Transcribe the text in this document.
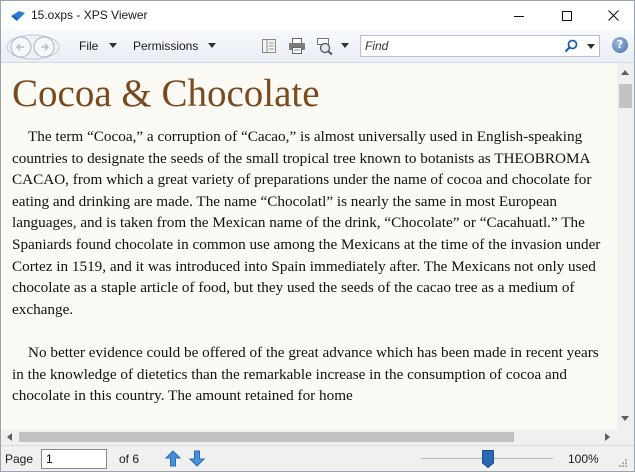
15.oxps - XPS Viewer
File	Permissions
Find	?
Cocoa & Chocolate

The term “Cocoa,” a corruption of “Cacao,” is almost universally used in English-speaking countries to designate the seeds of the small tropical tree known to botanists as THEOBROMA CACAO, from which a great variety of preparations under the name of cocoa and chocolate for eating and drinking are made. The name “Chocolatl” is nearly the same in most European languages, and is taken from the Mexican name of the drink, “Chocolate” or “Cacahuatl.” The Spaniards found chocolate in common use among the Mexicans at the time of the invasion under Cortez in 1519, and it was introduced into Spain immediately after. The Mexicans not only used chocolate as a staple article of food, but they used the seeds of the cacao tree as a medium of exchange.

No better evidence could be offered of the great advance which has been made in recent years in the knowledge of dietetics than the remarkable increase in the consumption of cocoa and chocolate in this country. The amount retained for home

Page
1	of 6	100%
